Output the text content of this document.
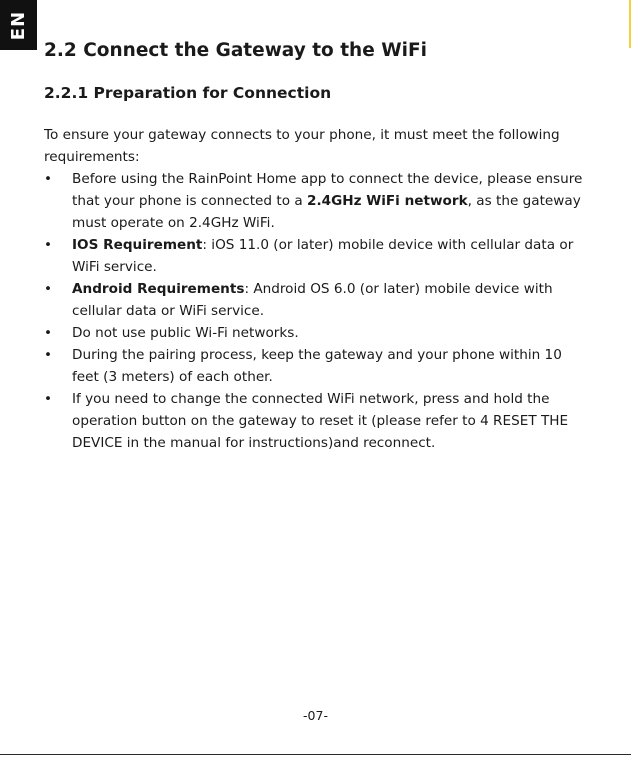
EN
2.2 Connect the Gateway to the WiFi
2.2.1 Preparation for Connection

To ensure your gateway connects to your phone, it must meet the following requirements:

• Before using the RainPoint Home app to connect the device, please ensure that your phone is connected to a 2.4GHz WiFi network, as the gateway must operate on 2.4GHz WiFi.
• IOS Requirement: iOS 11.0 (or later) mobile device with cellular data or WiFi service.
• Android Requirements: Android OS 6.0 (or later) mobile device with cellular data or WiFi service.
• Do not use public Wi-Fi networks.
• During the pairing process, keep the gateway and your phone within 10 feet (3 meters) of each other.
• If you need to change the connected WiFi network, press and hold the operation button on the gateway to reset it (please refer to 4 RESET THE DEVICE in the manual for instructions)and reconnect.
-07-
